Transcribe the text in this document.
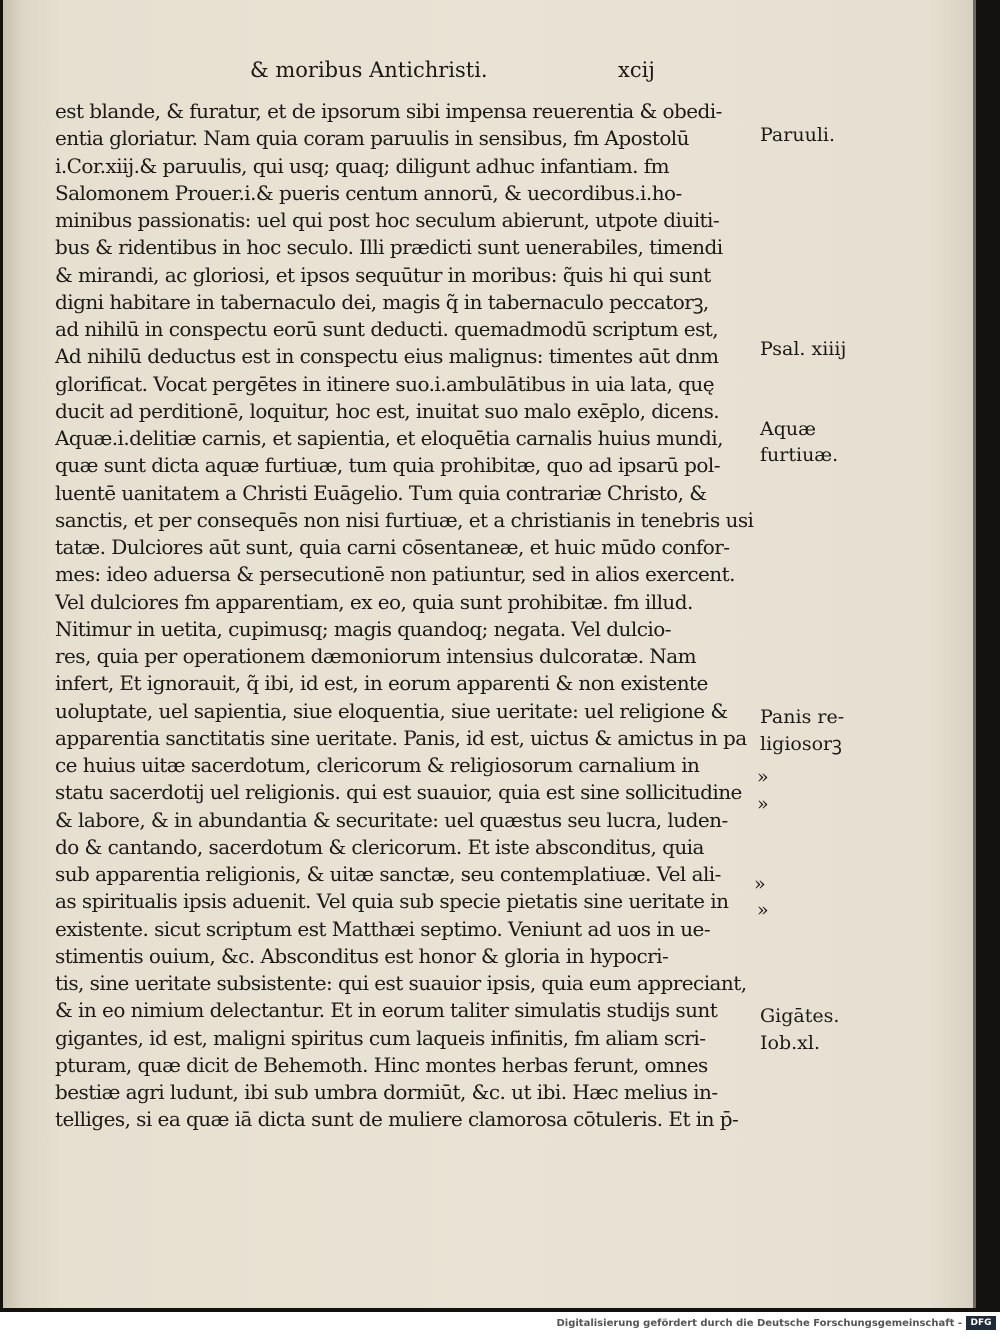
& moribus Antichristi.	xcij
est blande, & furatur, et de ipsorum sibi impensa reuerentia & obedi-
entia gloriatur. Nam quia coram paruulis in sensibus, fm Apostolū
i.Cor.xiij.& paruulis, qui usq; quaq; diligunt adhuc infantiam. fm
Salomonem Prouer.i.& pueris centum annorū, & uecordibus.i.ho-
minibus passionatis: uel qui post hoc seculum abierunt, utpote diuiti-
bus & ridentibus in hoc seculo. Illi prædicti sunt uenerabiles, timendi
& mirandi, ac gloriosi, et ipsos sequūtur in moribus: q̃uis hi qui sunt
digni habitare in tabernaculo dei, magis q̃ in tabernaculo peccatorꝫ,
ad nihilū in conspectu eorū sunt deducti. quemadmodū scriptum est,
Ad nihilū deductus est in conspectu eius malignus: timentes aūt dnm
glorificat. Vocat pergētes in itinere suo.i.ambulātibus in uia lata, quę
ducit ad perditionē, loquitur, hoc est, inuitat suo malo exēplo, dicens.
Aquæ.i.delitiæ carnis, et sapientia, et eloquētia carnalis huius mundi,
quæ sunt dicta aquæ furtiuæ, tum quia prohibitæ, quo ad ipsarū pol-
luentē uanitatem a Christi Euāgelio. Tum quia contrariæ Christo, &
sanctis, et per consequēs non nisi furtiuæ, et a christianis in tenebris usi
tatæ. Dulciores aūt sunt, quia carni cōsentaneæ, et huic mūdo confor-
mes: ideo aduersa & persecutionē non patiuntur, sed in alios exercent.
Vel dulciores fm apparentiam, ex eo, quia sunt prohibitæ. fm illud.
Nitimur in uetita, cupimusq; magis quandoq; negata. Vel dulcio-
res, quia per operationem dæmoniorum intensius dulcoratæ. Nam
infert, Et ignorauit, q̃ ibi, id est, in eorum apparenti & non existente
uoluptate, uel sapientia, siue eloquentia, siue ueritate: uel religione &
apparentia sanctitatis sine ueritate. Panis, id est, uictus & amictus in pa
ce huius uitæ sacerdotum, clericorum & religiosorum carnalium in
statu sacerdotij uel religionis. qui est suauior, quia est sine sollicitudine
& labore, & in abundantia & securitate: uel quæstus seu lucra, luden-
do & cantando, sacerdotum & clericorum. Et iste absconditus, quia
sub apparentia religionis, & uitæ sanctæ, seu contemplatiuæ. Vel ali-
as spiritualis ipsis aduenit. Vel quia sub specie pietatis sine ueritate in
existente. sicut scriptum est Matthæi septimo. Veniunt ad uos in ue-
stimentis ouium, &c. Absconditus est honor & gloria in hypocri-
tis, sine ueritate subsistente: qui est suauior ipsis, quia eum appreciant,
& in eo nimium delectantur. Et in eorum taliter simulatis studijs sunt
gigantes, id est, maligni spiritus cum laqueis infinitis, fm aliam scri-
pturam, quæ dicit de Behemoth. Hinc montes herbas ferunt, omnes
bestiæ agri ludunt, ibi sub umbra dormiūt, &c. ut ibi. Hæc melius in-
telliges, si ea quæ iā dicta sunt de muliere clamorosa cōtuleris. Et in p̄-
Paruuli.
Psal. xiiij
Aquæ
furtiuæ.
Panis re-
ligiosorꝫ
»
»
»
»
Gigātes.
Iob.xl.
Digitalisierung gefördert durch die Deutsche Forschungsgemeinschaft - DFG
